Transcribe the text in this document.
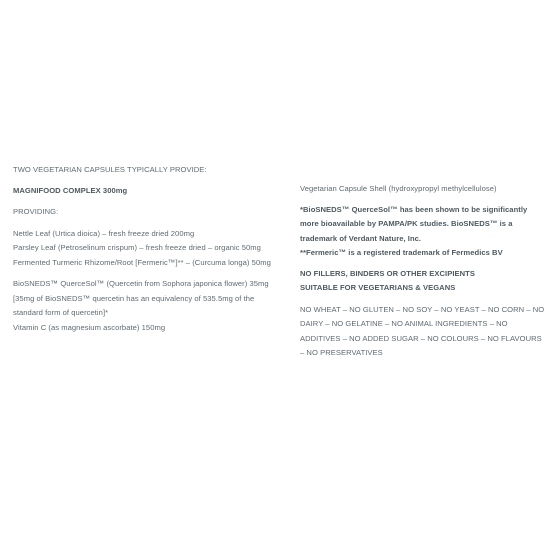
TWO VEGETARIAN CAPSULES TYPICALLY PROVIDE:
MAGNIFOOD COMPLEX 300mg
PROVIDING:
Nettle Leaf (Urtica dioica) – fresh freeze dried 200mg
Parsley Leaf (Petroselinum crispum) – fresh freeze dried – organic 50mg
Fermented Turmeric Rhizome/Root [Fermeric™]** – (Curcuma longa) 50mg
BioSNEDS™ QuerceSol™ (Quercetin from Sophora japonica flower) 35mg
[35mg of BioSNEDS™ quercetin has an equivalency of 535.5mg of the standard form of quercetin]*
Vitamin C (as magnesium ascorbate) 150mg
Vegetarian Capsule Shell (hydroxypropyl methylcellulose)
*BioSNEDS™ QuerceSol™ has been shown to be significantly more bioavailable by PAMPA/PK studies. BioSNEDS™ is a trademark of Verdant Nature, Inc.
**Fermeric™ is a registered trademark of Fermedics BV
NO FILLERS, BINDERS OR OTHER EXCIPIENTS
SUITABLE FOR VEGETARIANS & VEGANS
NO WHEAT – NO GLUTEN – NO SOY – NO YEAST – NO CORN – NO DAIRY – NO GELATINE – NO ANIMAL INGREDIENTS – NO ADDITIVES – NO ADDED SUGAR – NO COLOURS – NO FLAVOURS – NO PRESERVATIVES
